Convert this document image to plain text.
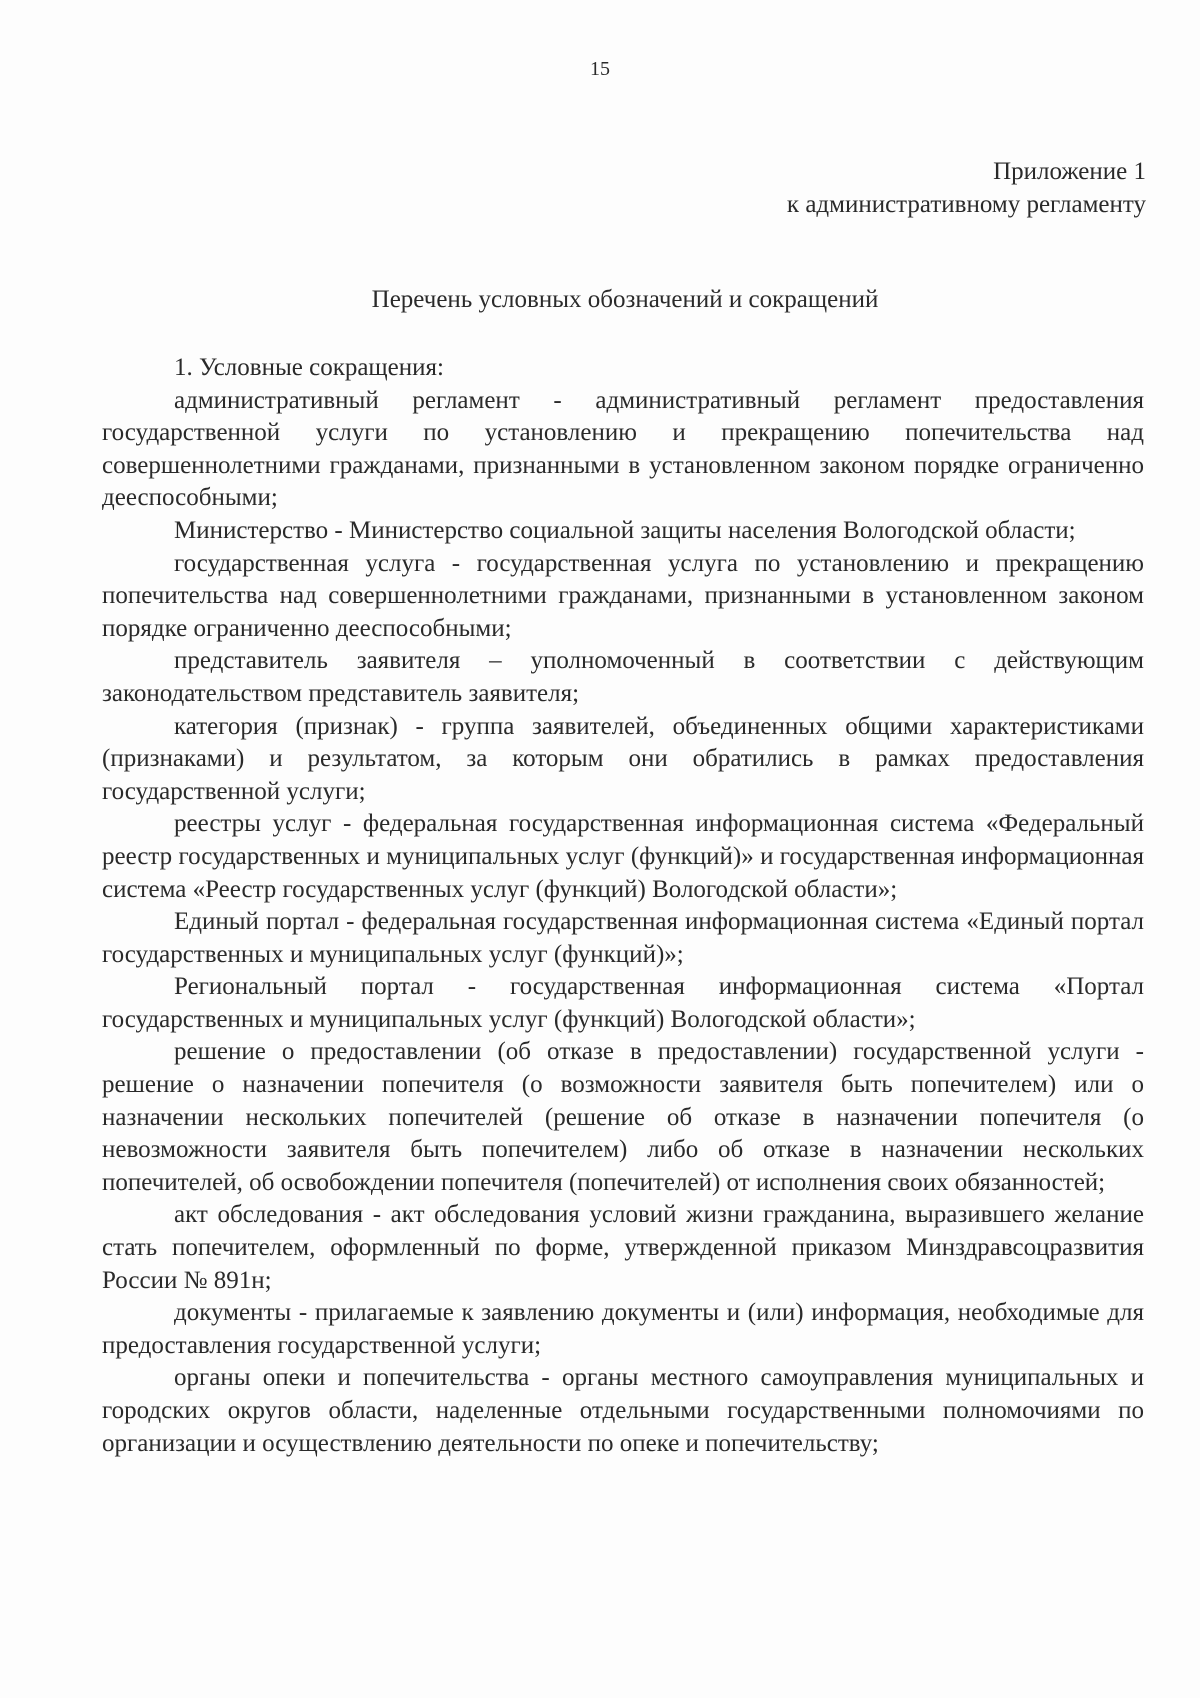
15
Приложение 1
к административному регламенту
Перечень условных обозначений и сокращений

1. Условные сокращения:

административный регламент - административный регламент предоставления государственной услуги по установлению и прекращению попечительства над совершеннолетними гражданами, признанными в установленном законом порядке ограниченно дееспособными;

Министерство - Министерство социальной защиты населения Вологодской области;

государственная услуга - государственная услуга по установлению и прекращению попечительства над совершеннолетними гражданами, признанными в установленном законом порядке ограниченно дееспособными;

представитель заявителя – уполномоченный в соответствии с действующим законодательством представитель заявителя;

категория (признак) - группа заявителей, объединенных общими характеристиками (признаками) и результатом, за которым они обратились в рамках предоставления государственной услуги;

реестры услуг - федеральная государственная информационная система «Федеральный реестр государственных и муниципальных услуг (функций)» и государственная информационная система «Реестр государственных услуг (функций) Вологодской области»;

Единый портал - федеральная государственная информационная система «Единый портал государственных и муниципальных услуг (функций)»;

Региональный портал - государственная информационная система «Портал государственных и муниципальных услуг (функций) Вологодской области»;

решение о предоставлении (об отказе в предоставлении) государственной услуги - решение о назначении попечителя (о возможности заявителя быть попечителем) или о назначении нескольких попечителей (решение об отказе в назначении попечителя (о невозможности заявителя быть попечителем) либо об отказе в назначении нескольких попечителей, об освобождении попечителя (попечителей) от исполнения своих обязанностей;

акт обследования - акт обследования условий жизни гражданина, выразившего желание стать попечителем, оформленный по форме, утвержденной приказом Минздравсоцразвития России № 891н;

документы - прилагаемые к заявлению документы и (или) информация, необходимые для предоставления государственной услуги;

органы опеки и попечительства - органы местного самоуправления муниципальных и городских округов области, наделенные отдельными государственными полномочиями по организации и осуществлению деятельности по опеке и попечительству;
